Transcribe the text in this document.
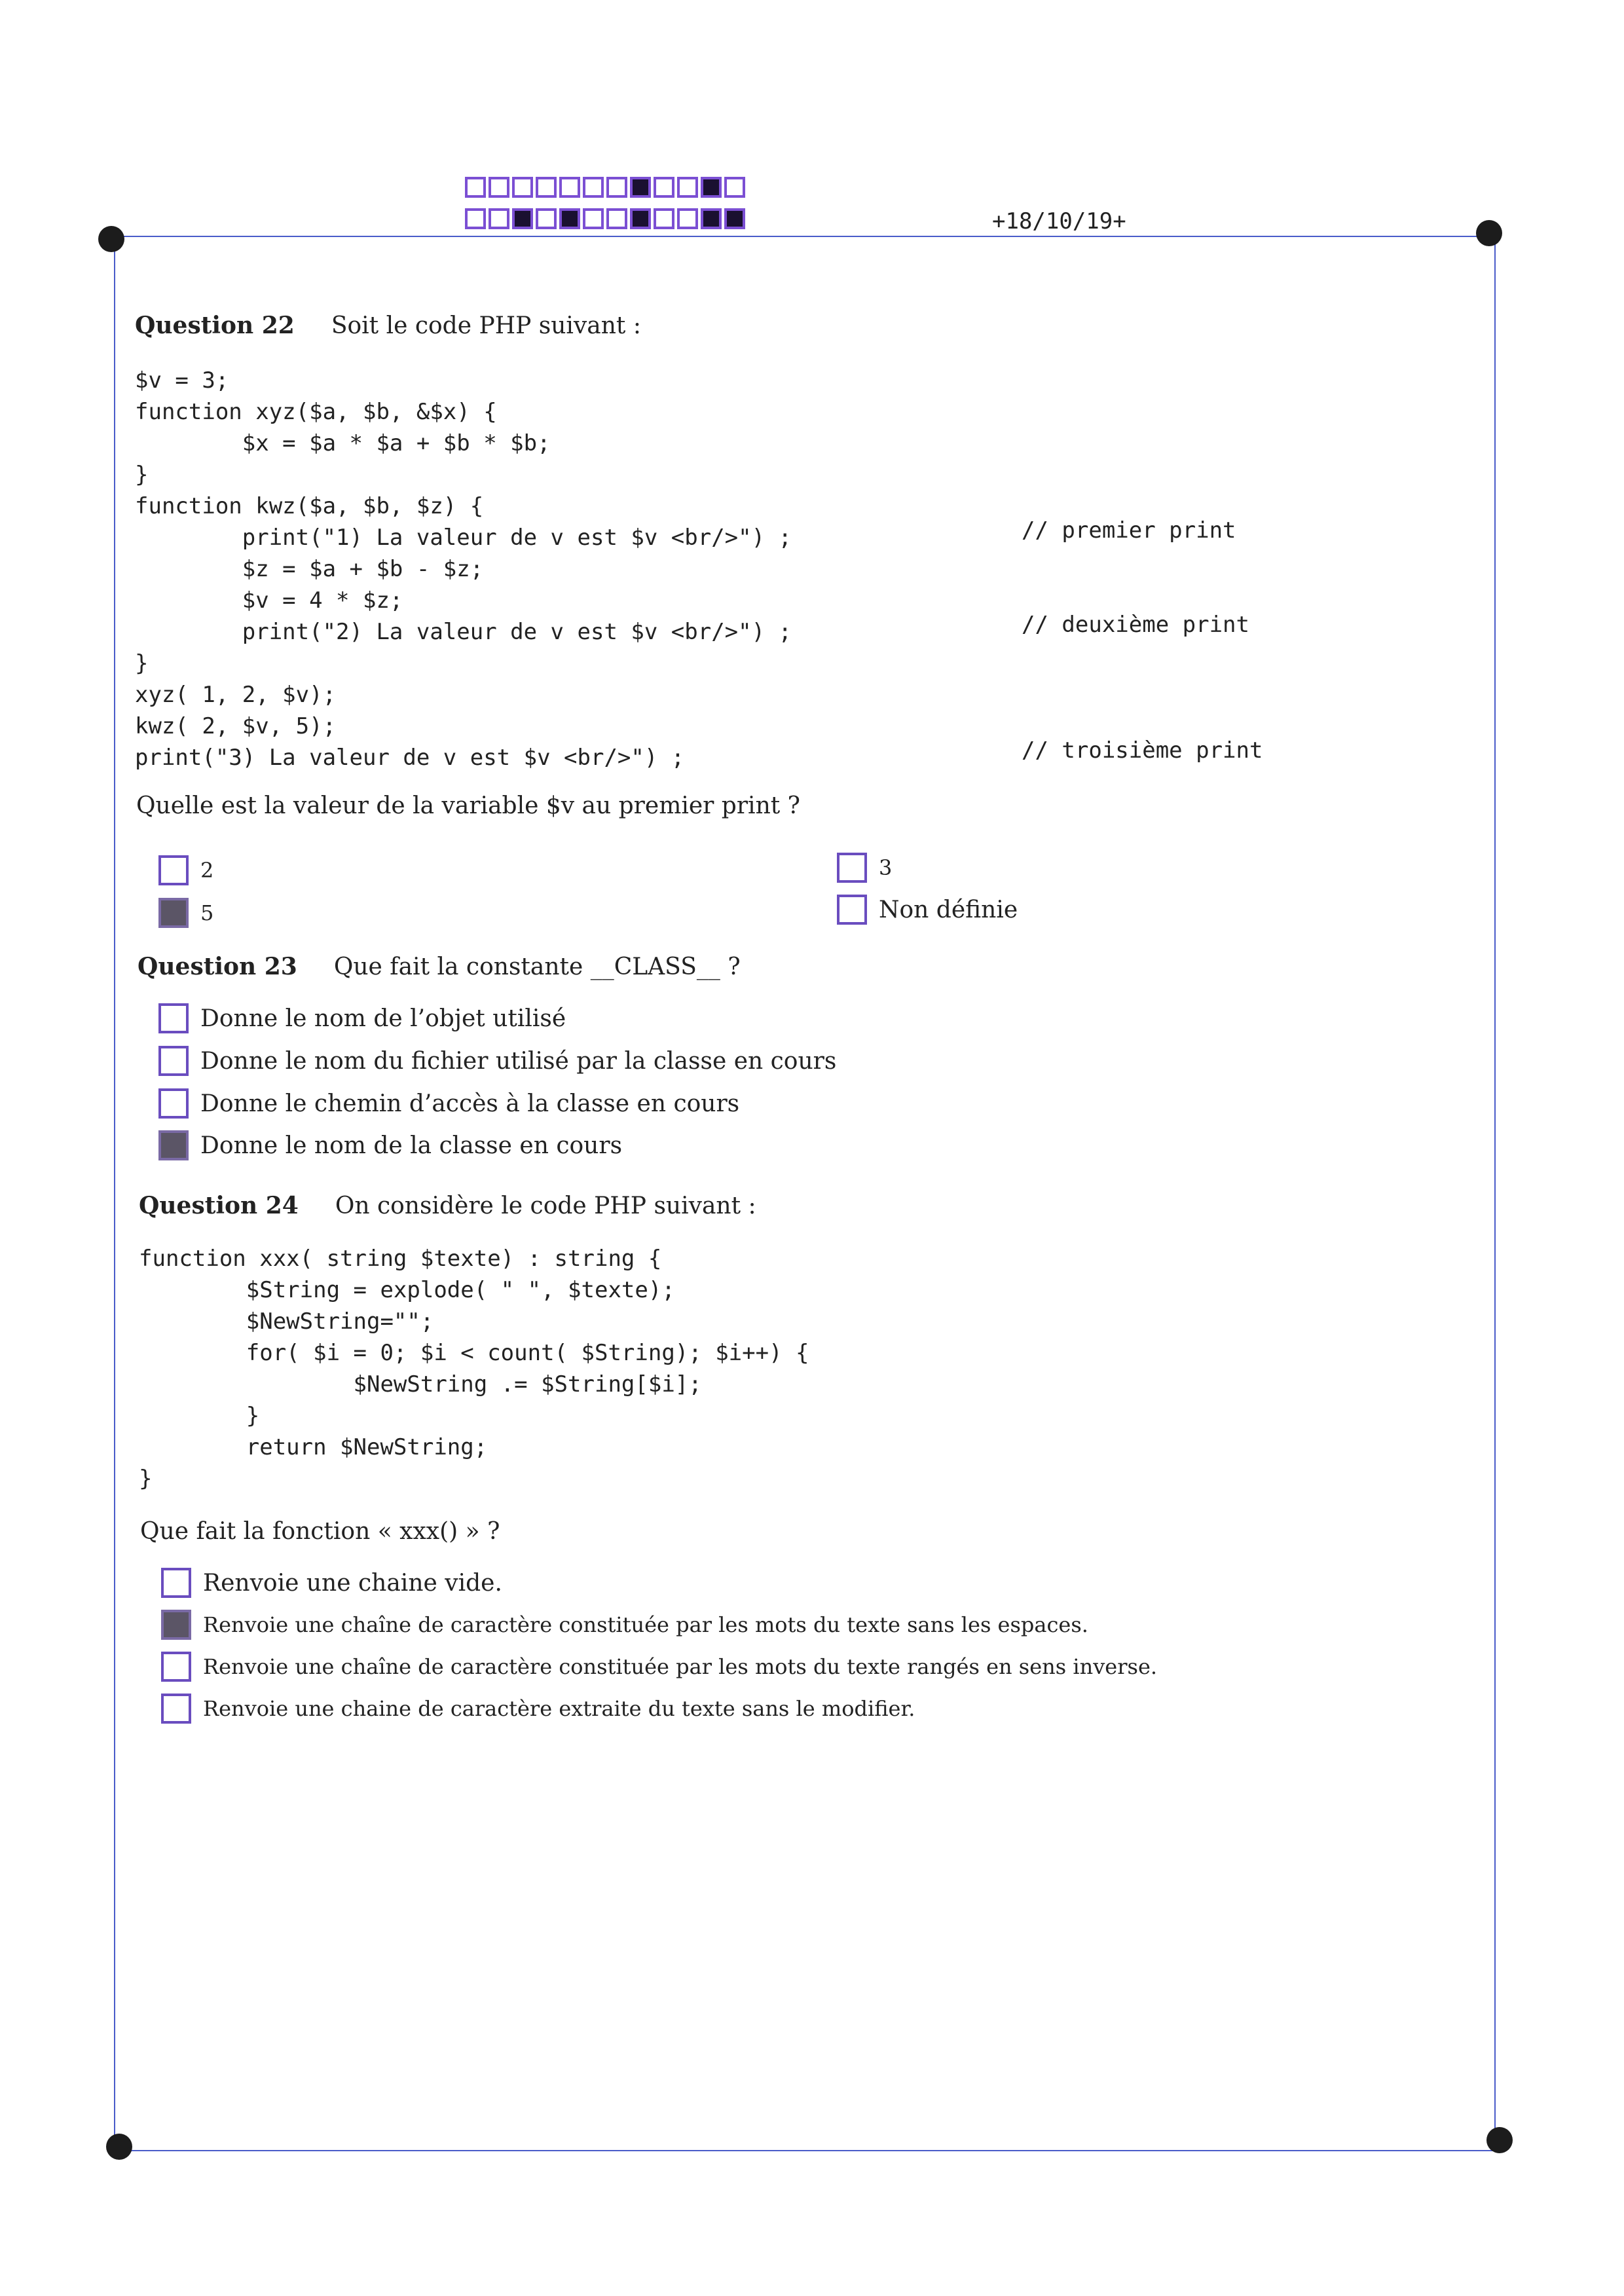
+18/10/19+
Question 22 Soit le code PHP suivant :
$v = 3;
function xyz($a, $b, &$x) {
$x = $a * $a + $b * $b;
}
function kwz($a, $b, $z) {
print("1) La valeur de v est $v <br/>") ;
$z = $a + $b - $z;
$v = 4 * $z;
print("2) La valeur de v est $v <br/>") ;
}
xyz( 1, 2, $v);
kwz( 2, $v, 5);
print("3) La valeur de v est $v <br/>") ;
// premier print
// deuxième print
// troisième print
Quelle est la valeur de la variable $v au premier print ?
2
5
3
Non définie
Question 23 Que fait la constante __CLASS__ ?
Donne le nom de l’objet utilisé
Donne le nom du fichier utilisé par la classe en cours
Donne le chemin d’accès à la classe en cours
Donne le nom de la classe en cours
Question 24 On considère le code PHP suivant :
function xxx( string $texte) : string {
$String = explode( " ", $texte);
$NewString="";
for( $i = 0; $i < count( $String); $i++) {
$NewString .= $String[$i];
}
return $NewString;
}
Que fait la fonction « xxx() » ?
Renvoie une chaine vide.
Renvoie une chaîne de caractère constituée par les mots du texte sans les espaces.
Renvoie une chaîne de caractère constituée par les mots du texte rangés en sens inverse.
Renvoie une chaine de caractère extraite du texte sans le modifier.
